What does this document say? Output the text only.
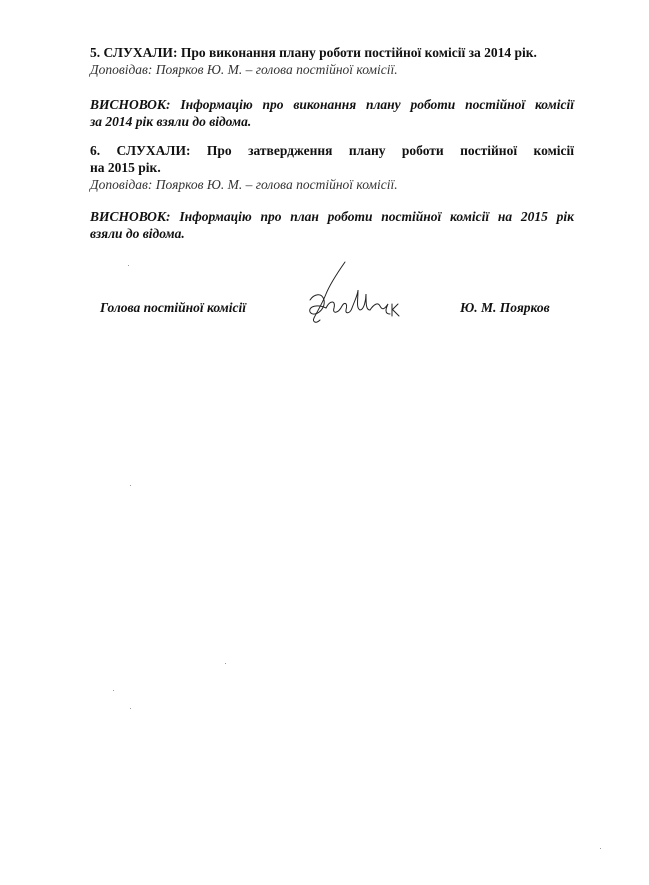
5. СЛУХАЛИ: Про виконання плану роботи постійної комісії за 2014 рік.
Доповідав: Поярков Ю. М. – голова постійної комісії.
ВИСНОВОК: Інформацію про виконання плану роботи постійної комісії
за 2014 рік взяли до відома.
6. СЛУХАЛИ: Про затвердження плану роботи постійної комісії
на 2015 рік.
Доповідав: Поярков Ю. М. – голова постійної комісії.
ВИСНОВОК: Інформацію про план роботи постійної комісії на 2015 рік
взяли до відома.
Голова постійної комісії	Ю. М. Поярков
